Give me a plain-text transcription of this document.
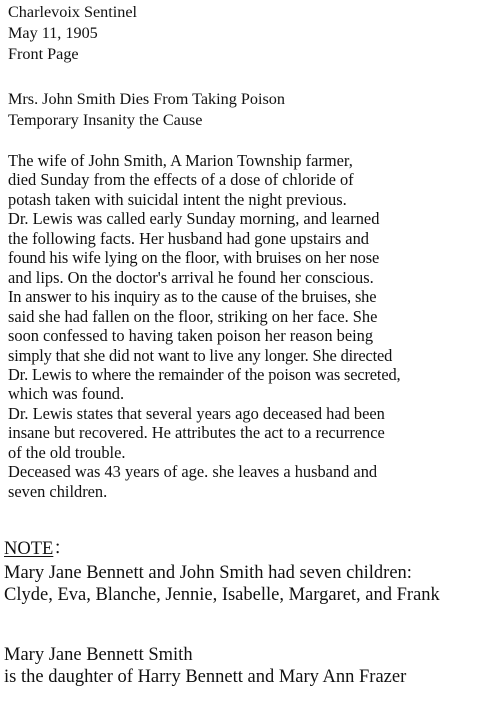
Charlevoix Sentinel
May 11, 1905
Front Page
Mrs. John Smith Dies From Taking Poison
Temporary Insanity the Cause
The wife of John Smith, A Marion Township farmer,
died Sunday from the effects of a dose of chloride of
potash taken with suicidal intent the night previous.
Dr. Lewis was called early Sunday morning, and learned
the following facts. Her husband had gone upstairs and
found his wife lying on the floor, with bruises on her nose
and lips. On the doctor's arrival he found her conscious.
In answer to his inquiry as to the cause of the bruises, she
said she had fallen on the floor, striking on her face. She
soon confessed to having taken poison her reason being
simply that she did not want to live any longer. She directed
Dr. Lewis to where the remainder of the poison was secreted,
which was found.
Dr. Lewis states that several years ago deceased had been
insane but recovered. He attributes the act to a recurrence
of the old trouble.
Deceased was 43 years of age. she leaves a husband and
seven children.
NOTE：
Mary Jane Bennett and John Smith had seven children:
Clyde, Eva, Blanche, Jennie, Isabelle, Margaret, and Frank
Mary Jane Bennett Smith
is the daughter of Harry Bennett and Mary Ann Frazer
